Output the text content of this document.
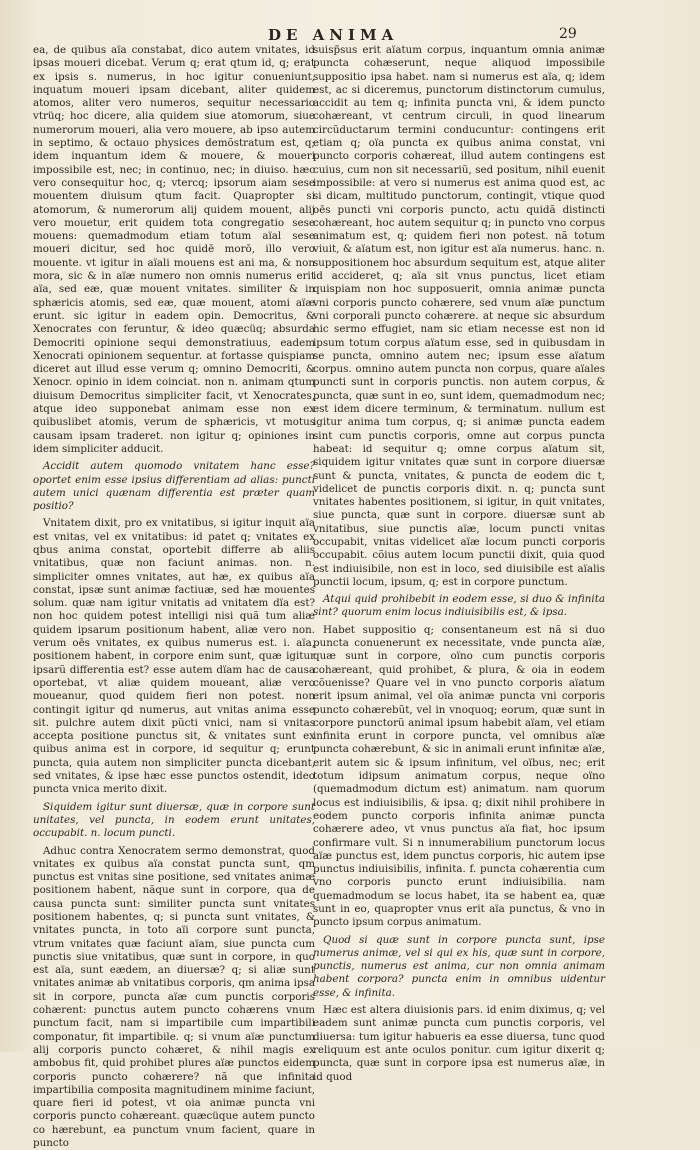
DE ANIMA	29

ea, de quibus aïa constabat, dico autem vnitates, id ipsas moueri dicebat. Verum q; erat qtum id, q; erat ex ipsis s. numerus, in hoc igitur conueniunt, inquatum moueri ipsam dicebant, aliter quidem atomos, aliter vero numeros, sequitur necessario vtrüq; hoc dicere, alia quidem siue atomorum, siue numerorum moueri, alia vero mouere, ab ipso autem in septimo, & octauo physices demõstratum est, q; idem inquantum idem & mouere, & moueri impossibile est, nec; in continuo, nec; in diuiso. hæc vero consequitur hoc, q; vtercq; ipsorum aiam sese mouentem diuisum qtum facit. Quapropter si atomorum, & numerorum alij quidem mouent, alij vero mouetur, erit quidem tota congregatio sese mouens: quemadmodum etiam totum aïal sese moueri dicitur, sed hoc quidē morō, illo vero mouente. vt igitur in aïali mouens est ani ma, & non mora, sic & in aïæ numero non omnis numerus erit aïa, sed eæ, quæ mouent vnitates. similiter & in sphæricis atomis, sed eæ, quæ mouent, atomi aïæ erunt. sic igitur in eadem opin. Democritus, & Xenocrates con feruntur, & ideo quæcüq; absurda Democriti opinione sequi demonstratiuus, eadem Xenocrati opinionem sequentur. at fortasse quispiam diceret aut illud esse verum q; omnino Democriti, & Xenocr. opinio in idem coinciat. non n. animam qtum diuisum Democritus simpliciter facit, vt Xenocrates, atque ideo supponebat animam esse non ex quibuslibet atomis, verum de sphæricis, vt motus causam ipsam traderet. non igitur q; opiniones in idem simpliciter adducit.

Accidit autem quomodo vnitatem hanc esse? oportet enim esse ipsius differentiam ad alias: puncti autem unici quænam differentia est præter quam positio?

Vnitatem dixit, pro ex vnitatibus, si igitur inquit aïa est vnitas, vel ex vnitatibus: id patet q; vnitates ex qbus anima constat, oportebit differre ab aliis vnitatibus, quæ non faciunt animas. non. n. simpliciter omnes vnitates, aut hæ, ex quibus aïa constat, ipsæ sunt animæ factiuæ, sed hæ mouentes solum. quæ nam igitur vnitatis ad vnitatem dïa est? non hoc quidem potest intelligi nisi quã tum aliæ quidem ipsarum positionum habent, aliæ vero non. verum oēs vnitates, ex quibus numerus est. i. aïa, positionem habent, in corpore enim sunt, quæ igitur ipsarũ differentia est? esse autem dïam hac de causa oportebat, vt aliæ quidem moueant, aliæ vero moueanur, quod quidem fieri non potest. non contingit igitur qd numerus, aut vnitas anima esse sit. pulchre autem dixit pũcti vnici, nam si vnitas accepta positione punctus sit, & vnitates sunt ex quibus anima est in corpore, id sequitur q; erunt puncta, quia autem non simpliciter puncta dicebant, sed vnitates, & ipse hæc esse punctos ostendit, ideo puncta vnica merito dixit.

Siquidem igitur sunt diuersæ, quæ in corpore sunt unitates, vel puncta, in eodem erunt unitates, occupabit. n. locum puncti.

Adhuc contra Xenocratem sermo demonstrat, quod vnitates ex quibus aïa constat puncta sunt, qm punctus est vnitas sine positione, sed vnitates animæ positionem habent, nãque sunt in corpore, qua de causa puncta sunt: similiter puncta sunt vnitates positionem habentes, q; si puncta sunt vnitates, & vnitates puncta, in toto aïi corpore sunt puncta, vtrum vnitates quæ faciunt aïam, siue puncta cum punctis siue vnitatibus, quæ sunt in corpore, in quo est aïa, sunt eædem, an diuersæ? q; si aliæ sunt vnitates animæ ab vnitatibus corporis, qm anima ipsa sit in corpore, puncta aïæ cum punctis corporis cohærent: punctus autem puncto cohærens vnum punctum facit, nam si impartibile cum impartibili componatur, fit impartibile. q; si vnum aïæ punctum alij corporis puncto cohæret, & nihil magis ex ambobus fit, quid prohibet plures aïæ punctos eidem corporis puncto cohærere? nã que infinita impartibilia composita magnitudinem minime faciunt, quare fieri id potest, vt oia animæ puncta vni corporis puncto cohæreant. quæcüque autem puncto co hærebunt, ea punctum vnum facient, quare in puncto

suisp̃sus erit aïatum corpus, inquantum omnia animæ puncta cohæserunt, neque aliquod impossibile suppositio ipsa habet. nam si numerus est aïa, q; idem est, ac si diceremus, punctorum distinctorum cumulus, accidit au tem q; infinita puncta vni, & idem puncto cohæreant, vt centrum circuli, in quod linearum circũductarum termini conducuntur: contingens erit etiam q; oïa puncta ex quibus anima constat, vni puncto corporis cohæreat, illud autem contingens est cuius, cum non sit necessariũ, sed positum, nihil euenit impossibile: at vero si numerus est anima quod est, ac si dicam, multitudo punctorum, contingit, vtique quod oēs puncti vni corporis puncto, actu quidã distincti cohæreant, hoc autem sequitur q; in puncto vno corpus animatum est, q; quidem fieri non potest. nã totum viuit, & aïatum est, non igitur est aïa numerus. hanc. n. suppositionem hoc absurdum sequitum est, atque aliter id accideret, q; aïa sit vnus punctus, licet etiam quispiam non hoc supposuerit, omnia animæ puncta vni corporis puncto cohærere, sed vnum aïæ punctum vni corporali puncto cohærere. at neque sic absurdum hic sermo effugiet, nam sic etiam necesse est non id ipsum totum corpus aïatum esse, sed in quibusdam in se puncta, omnino autem nec; ipsum esse aïatum corpus. omnino autem puncta non corpus, quare aïales puncti sunt in corporis punctis. non autem corpus, & puncta, quæ sunt in eo, sunt idem, quemadmodum nec; est idem dicere terminum, & terminatum. nullum est igitur anima tum corpus, q; si animæ puncta eadem sint cum punctis corporis, omne aut corpus puncta habeat: id sequitur q; omne corpus aïatum sit, siquidem igitur vnitates quæ sunt in corpore diuersæ sunt & puncta, vnitates, & puncta de eodem dic t, videlicet de punctis corporis dixit. n. q; puncta sunt vnitates habentes positionem, si igitur, in quit vnitates, siue puncta, quæ sunt in corpore. diuersæ sunt ab vnitatibus, siue punctis aïæ, locum puncti vnitas occupabit, vnitas videlicet aïæ locum puncti corporis occupabit. cõius autem locum punctii dixit, quia quod est indiuisibile, non est in loco, sed diuisibile est aïalis punctii locum, ipsum, q; est in corpore punctum.

Atqui quid prohibebit in eodem esse, si duo & infinita sint? quorum enim locus indiuisibilis est, & ipsa.

Habet suppositio q; consentaneum est nã si duo puncta conuenerunt ex necessitate, vnde puncta aïæ, quæ sunt in corpore, oïno cum punctis corporis cohæreant, quid prohibet, & plura, & oia in eodem cõuenisse? Quare vel in vno puncto corporis aïatum erit ipsum animal, vel oïa animæ puncta vni corporis puncto cohærebũt, vel in vnoquoq; eorum, quæ sunt in corpore punctorũ animal ipsum habebit aïam, vel etiam infinita erunt in corpore puncta, vel omnibus aïæ puncta cohærebunt, & sic in animali erunt infinitæ aïæ, erit autem sic & ipsum infinitum, vel oïbus, nec; erit totum idipsum animatum corpus, neque oïno (quemadmodum dictum est) animatum. nam quorum locus est indiuisibilis, & ipsa. q; dixit nihil prohibere in eodem puncto corporis infinita animæ puncta cohærere adeo, vt vnus punctus aïa fiat, hoc ipsum confirmare vult. Si n innumerabilium punctorum locus aïæ punctus est, idem punctus corporis, hic autem ipse punctus indiuisibilis, infinita. f. puncta cohærentia cum vno corporis puncto erunt indiuisibilia. nam quemadmodum se locus habet, ita se habent ea, quæ sunt in eo, quapropter vnus erit aïa punctus, & vno in puncto ipsum corpus animatum.

Quod si quæ sunt in corpore puncta sunt, ipse numerus animæ, vel si qui ex his, quæ sunt in corpore, punctis, numerus est anima, cur non omnia animam habent corpora? puncta enim in omnibus uidentur esse, & infinita.

Hæc est altera diuisionis pars. id enim diximus, q; vel eadem sunt animæ puncta cum punctis corporis, vel diuersa: tum igitur habueris ea esse diuersa, tunc quod reliquum est ante oculos ponitur. cum igitur dixerit q; puncta, quæ sunt in corpore ipsa est numerus aïæ, in id quod
